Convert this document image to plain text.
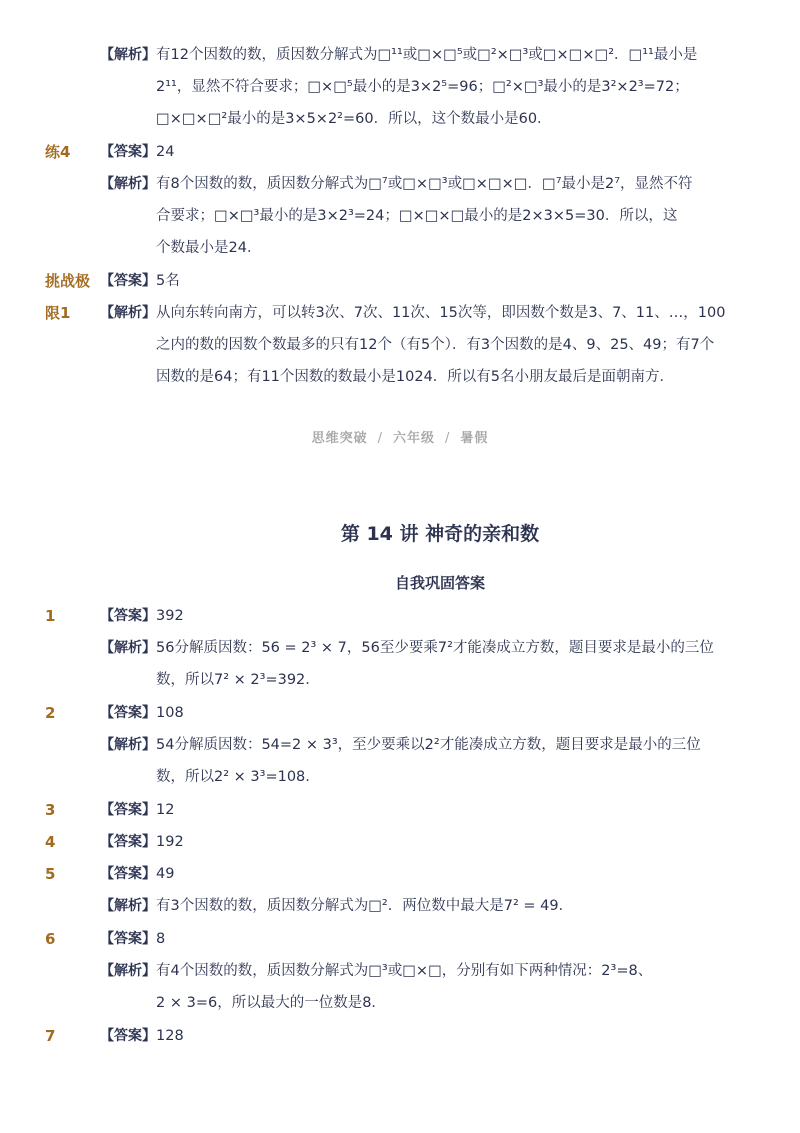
【解析】 有12个因数的数，质因数分解式为□¹¹或□×□⁵或□²×□³或□×□×□²．□¹¹最小是
2¹¹，显然不符合要求；□×□⁵最小的是3×2⁵=96；□²×□³最小的是3²×2³=72；
□×□×□²最小的是3×5×2²=60．所以，这个数最小是60．
练4 【答案】 24
【解析】 有8个因数的数，质因数分解式为□⁷或□×□³或□×□×□．□⁷最小是2⁷，显然不符
合要求；□×□³最小的是3×2³=24；□×□×□最小的是2×3×5=30．所以，这
个数最小是24．
挑战极 【答案】 5名
限1 【解析】 从向东转向南方，可以转3次、7次、11次、15次等，即因数个数是3、7、11、…，100
之内的数的因数个数最多的只有12个（有5个）．有3个因数的是4、9、25、49；有7个
因数的是64；有11个因数的数最小是1024．所以有5名小朋友最后是面朝南方．
思维突破 / 六年级 / 暑假
第 14 讲 神奇的亲和数
自我巩固答案
1	【答案】 392
【解析】 56分解质因数：56 = 2³ × 7，56至少要乘7²才能凑成立方数，题目要求是最小的三位
数，所以7² × 2³=392．
2	【答案】 108
【解析】 54分解质因数：54=2 × 3³，至少要乘以2²才能凑成立方数，题目要求是最小的三位
数，所以2² × 3³=108.
3	【答案】 12
4	【答案】 192
5	【答案】 49
【解析】 有3个因数的数，质因数分解式为□²．两位数中最大是7² = 49．
6	【答案】 8
【解析】 有4个因数的数，质因数分解式为□³或□×□，分别有如下两种情况：2³=8、
2 × 3=6，所以最大的一位数是8．
7	【答案】 128
